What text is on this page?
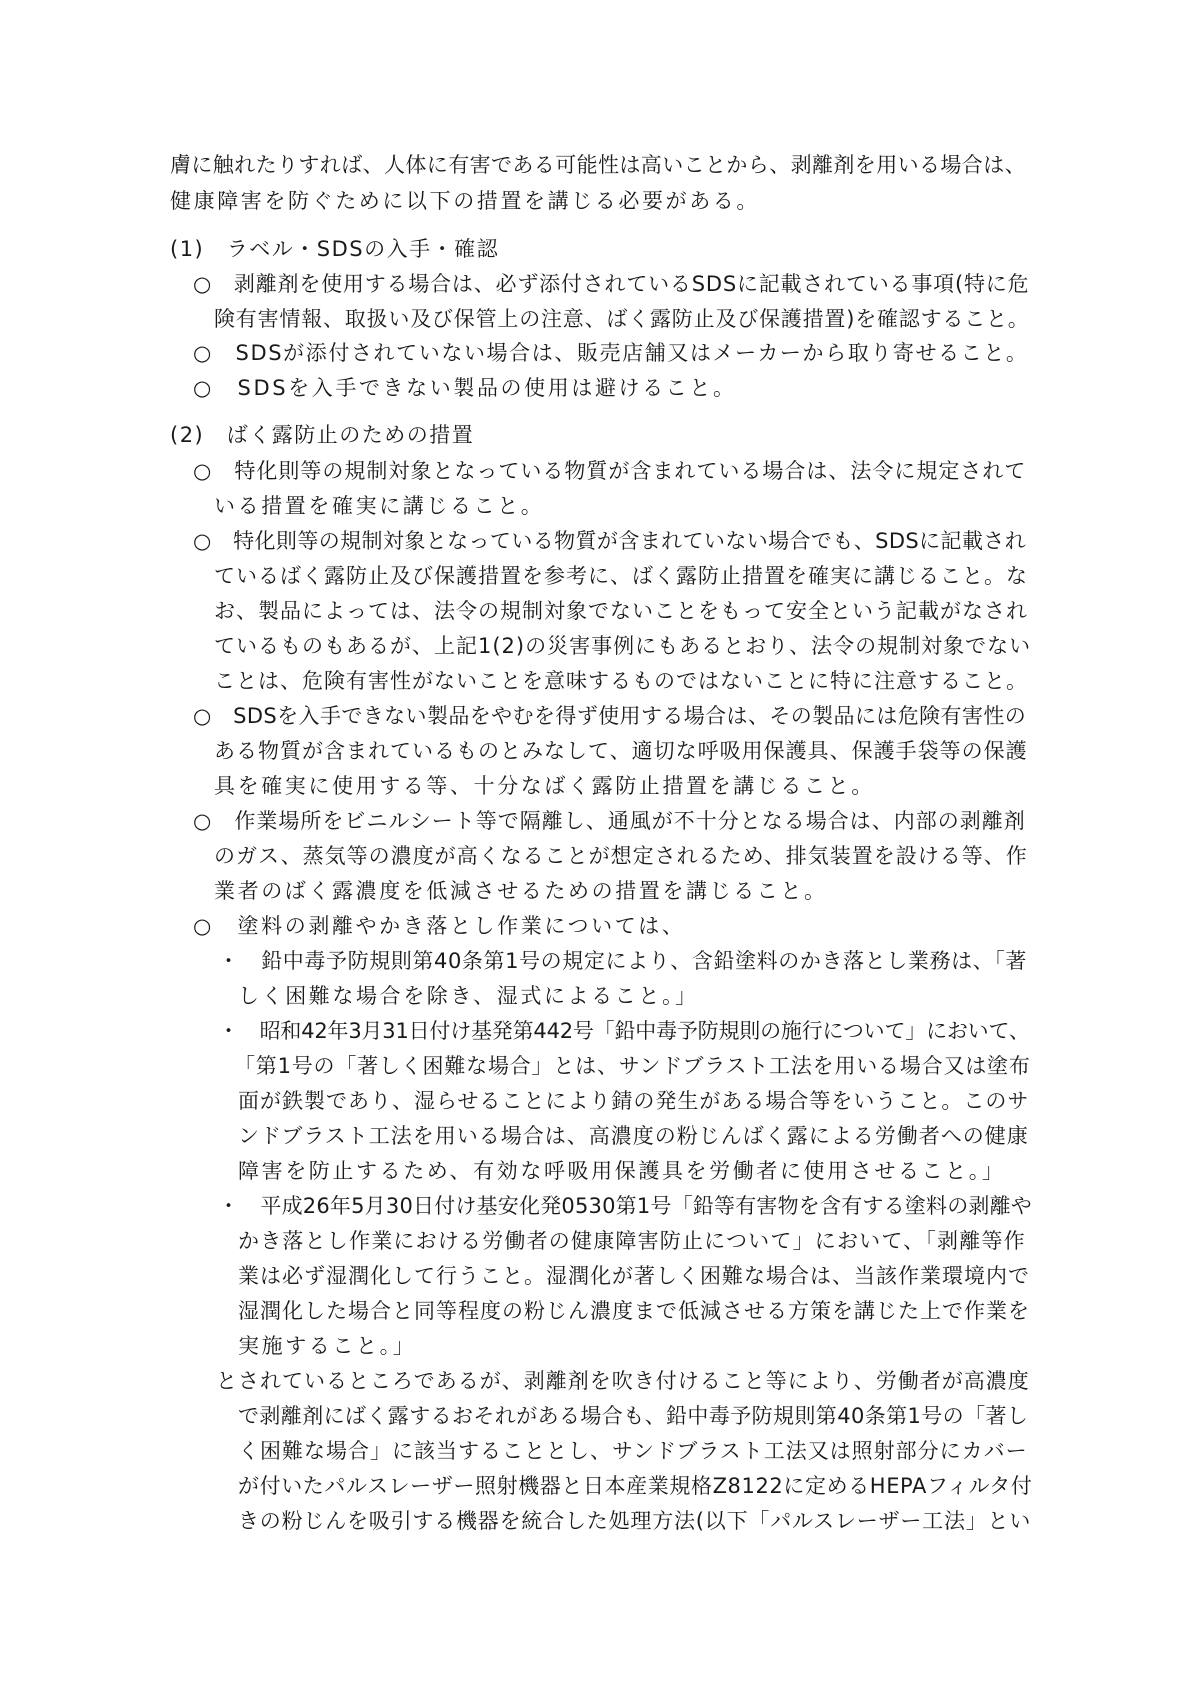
膚に触れたりすれば、人体に有害である可能性は高いことから、剥離剤を用いる場合は、
健康障害を防ぐために以下の措置を講じる必要がある。
(1)　ラベル・SDSの入手・確認
○　剥離剤を使用する場合は、必ず添付されているSDSに記載されている事項(特に危
険有害情報、取扱い及び保管上の注意、ばく露防止及び保護措置)を確認すること。
○　SDSが添付されていない場合は、販売店舗又はメーカーから取り寄せること。
○　SDSを入手できない製品の使用は避けること。
(2)　ばく露防止のための措置
○　特化則等の規制対象となっている物質が含まれている場合は、法令に規定されて
いる措置を確実に講じること。
○　特化則等の規制対象となっている物質が含まれていない場合でも、SDSに記載され
ているばく露防止及び保護措置を参考に、ばく露防止措置を確実に講じること。な
お、製品によっては、法令の規制対象でないことをもって安全という記載がなされ
ているものもあるが、上記1(2)の災害事例にもあるとおり、法令の規制対象でない
ことは、危険有害性がないことを意味するものではないことに特に注意すること。
○　SDSを入手できない製品をやむを得ず使用する場合は、その製品には危険有害性の
ある物質が含まれているものとみなして、適切な呼吸用保護具、保護手袋等の保護
具を確実に使用する等、十分なばく露防止措置を講じること。
○　作業場所をビニルシート等で隔離し、通風が不十分となる場合は、内部の剥離剤
のガス、蒸気等の濃度が高くなることが想定されるため、排気装置を設ける等、作
業者のばく露濃度を低減させるための措置を講じること。
○　塗料の剥離やかき落とし作業については、
・　鉛中毒予防規則第40条第1号の規定により、含鉛塗料のかき落とし業務は、「著
しく困難な場合を除き、湿式によること。」
・　昭和42年3月31日付け基発第442号「鉛中毒予防規則の施行について」において、
「第1号の「著しく困難な場合」とは、サンドブラスト工法を用いる場合又は塗布
面が鉄製であり、湿らせることにより錆の発生がある場合等をいうこと。このサ
ンドブラスト工法を用いる場合は、高濃度の粉じんばく露による労働者への健康
障害を防止するため、有効な呼吸用保護具を労働者に使用させること。」
・　平成26年5月30日付け基安化発0530第1号「鉛等有害物を含有する塗料の剥離や
かき落とし作業における労働者の健康障害防止について」において、「剥離等作
業は必ず湿潤化して行うこと。湿潤化が著しく困難な場合は、当該作業環境内で
湿潤化した場合と同等程度の粉じん濃度まで低減させる方策を講じた上で作業を
実施すること。」
とされているところであるが、剥離剤を吹き付けること等により、労働者が高濃度
で剥離剤にばく露するおそれがある場合も、鉛中毒予防規則第40条第1号の「著し
く困難な場合」に該当することとし、サンドブラスト工法又は照射部分にカバー
が付いたパルスレーザー照射機器と日本産業規格Z8122に定めるHEPAフィルタ付
きの粉じんを吸引する機器を統合した処理方法(以下「パルスレーザー工法」とい
